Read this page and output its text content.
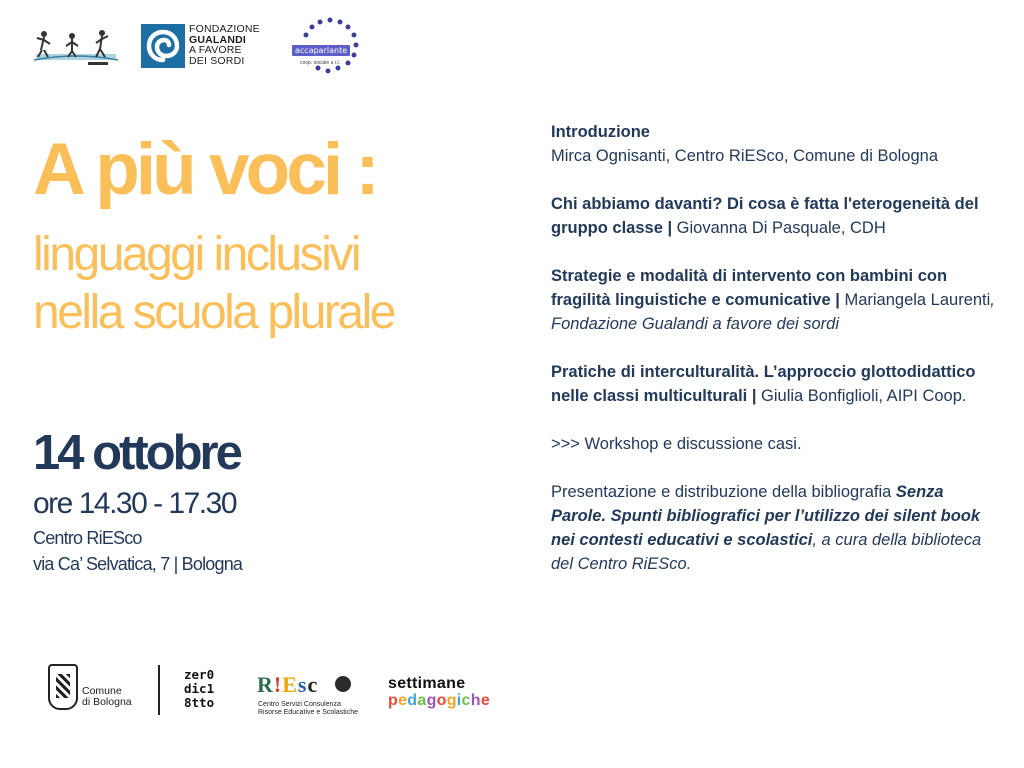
FONDAZIONE
GUALANDI
A FAVORE
DEI SORDI
accaparlante
coop. sociale a r.l.
A più voci :
linguaggi inclusivi
nella scuola plurale
14 ottobre
ore 14.30 - 17.30
Centro RiESco
via Ca’ Selvatica, 7 | Bologna
Comune
di Bologna
zer0
dic1
8tto
R!Esc
Centro Servizi Consulenza
Risorse Educative e Scolastiche
settimane
pedagogiche

Introduzione
Mirca Ognisanti, Centro RiESco, Comune di Bologna

Chi abbiamo davanti? Di cosa è fatta l'eterogeneità del gruppo classe | Giovanna Di Pasquale, CDH

Strategie e modalità di intervento con bambini con fragilità linguistiche e comunicative | Mariangela Laurenti, Fondazione Gualandi a favore dei sordi

Pratiche di interculturalità. L’approccio glottodidattico nelle classi multiculturali | Giulia Bonfiglioli, AIPI Coop.

>>> Workshop e discussione casi.

Presentazione e distribuzione della bibliografia Senza Parole. Spunti bibliografici per l’utilizzo dei silent book nei contesti educativi e scolastici, a cura della biblioteca del Centro RiESco.
